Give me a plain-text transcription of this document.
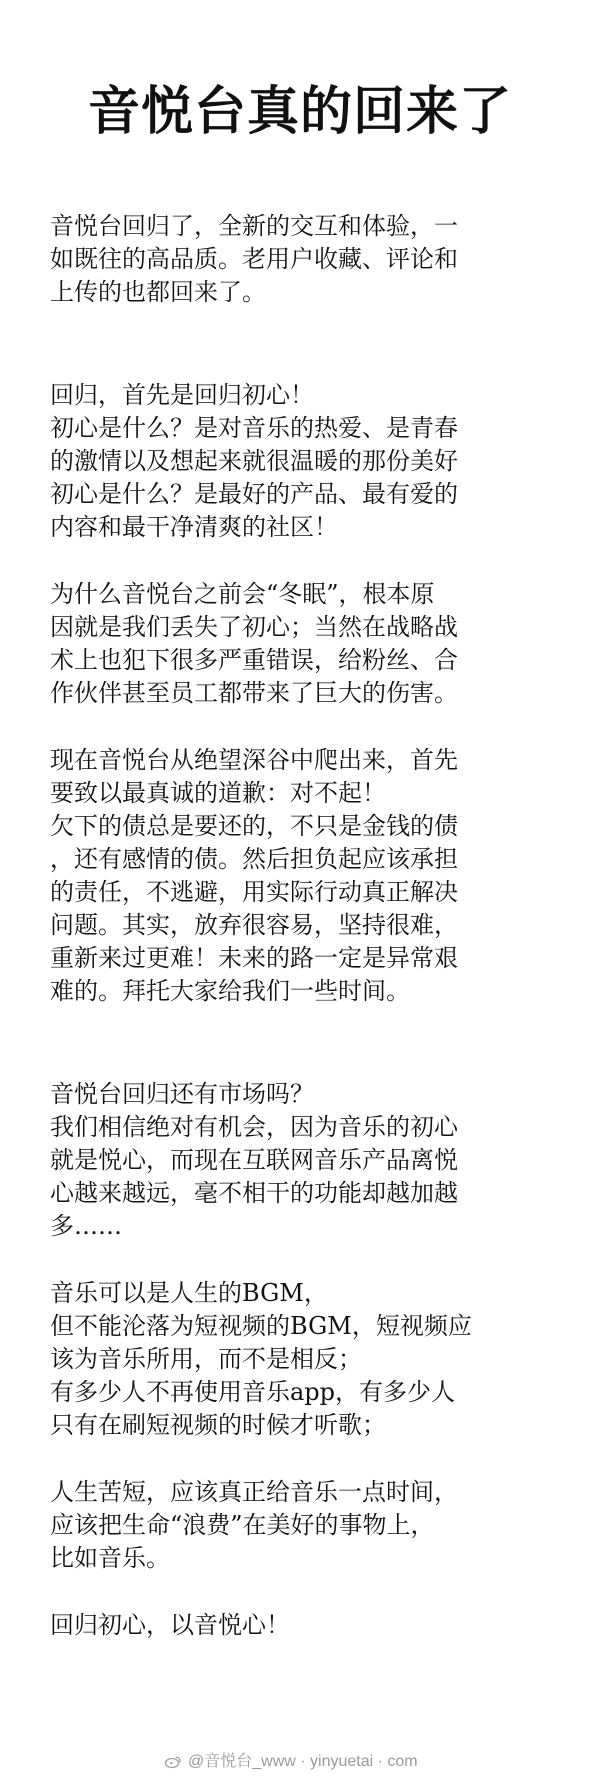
音悦台真的回来了
音悦台回归了，全新的交互和体验，一
如既往的高品质。老用户收藏、评论和
上传的也都回来了。
回归，首先是回归初心！
初心是什么？是对音乐的热爱、是青春
的激情以及想起来就很温暖的那份美好
初心是什么？是最好的产品、最有爱的
内容和最干净清爽的社区！
为什么音悦台之前会“冬眠”，根本原
因就是我们丢失了初心；当然在战略战
术上也犯下很多严重错误，给粉丝、合
作伙伴甚至员工都带来了巨大的伤害。
现在音悦台从绝望深谷中爬出来，首先
要致以最真诚的道歉：对不起！
欠下的债总是要还的，不只是金钱的债
，还有感情的债。然后担负起应该承担
的责任，不逃避，用实际行动真正解决
问题。其实，放弃很容易，坚持很难，
重新来过更难！未来的路一定是异常艰
难的。拜托大家给我们一些时间。
音悦台回归还有市场吗？
我们相信绝对有机会，因为音乐的初心
就是悦心，而现在互联网音乐产品离悦
心越来越远，毫不相干的功能却越加越
多……
音乐可以是人生的BGM，
但不能沦落为短视频的BGM，短视频应
该为音乐所用，而不是相反；
有多少人不再使用音乐app，有多少人
只有在刷短视频的时候才听歌；
人生苦短，应该真正给音乐一点时间，
应该把生命“浪费”在美好的事物上，
比如音乐。
回归初心，以音悦心！
@音悦台_www · yinyuetai · com
